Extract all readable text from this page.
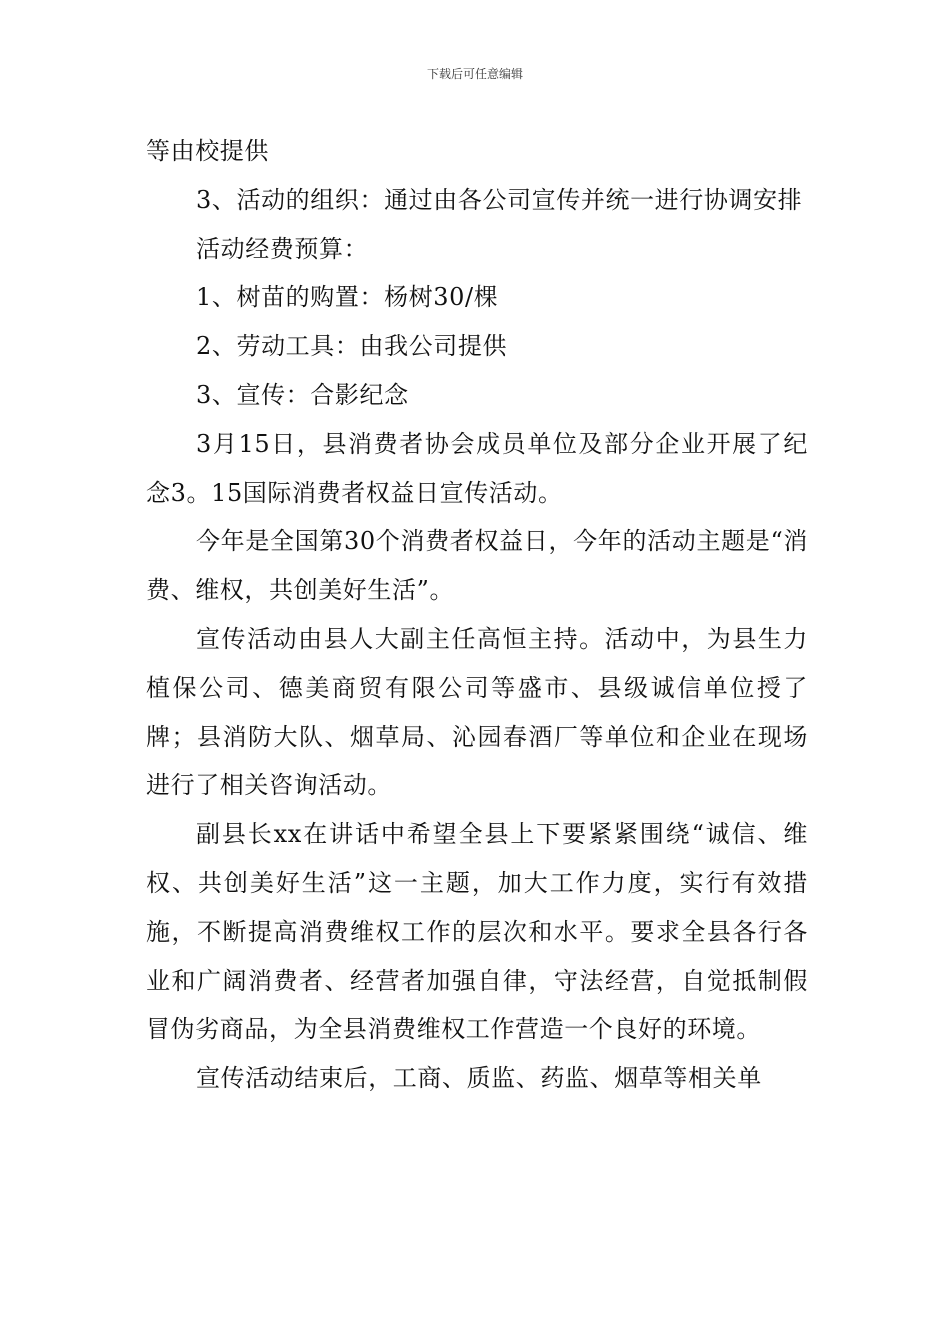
下载后可任意编辑

等由校提供

3、活动的组织：通过由各公司宣传并统一进行协调安排

活动经费预算：

1、树苗的购置：杨树30/棵

2、劳动工具：由我公司提供

3、宣传：合影纪念

3月15日，县消费者协会成员单位及部分企业开展了纪念3。15国际消费者权益日宣传活动。

今年是全国第30个消费者权益日，今年的活动主题是“消费、维权，共创美好生活”。

宣传活动由县人大副主任高恒主持。活动中，为县生力植保公司、德美商贸有限公司等盛市、县级诚信单位授了牌；县消防大队、烟草局、沁园春酒厂等单位和企业在现场进行了相关咨询活动。

副县长xx在讲话中希望全县上下要紧紧围绕“诚信、维权、共创美好生活”这一主题，加大工作力度，实行有效措施，不断提高消费维权工作的层次和水平。要求全县各行各业和广阔消费者、经营者加强自律，守法经营，自觉抵制假冒伪劣商品，为全县消费维权工作营造一个良好的环境。

宣传活动结束后，工商、质监、药监、烟草等相关单
